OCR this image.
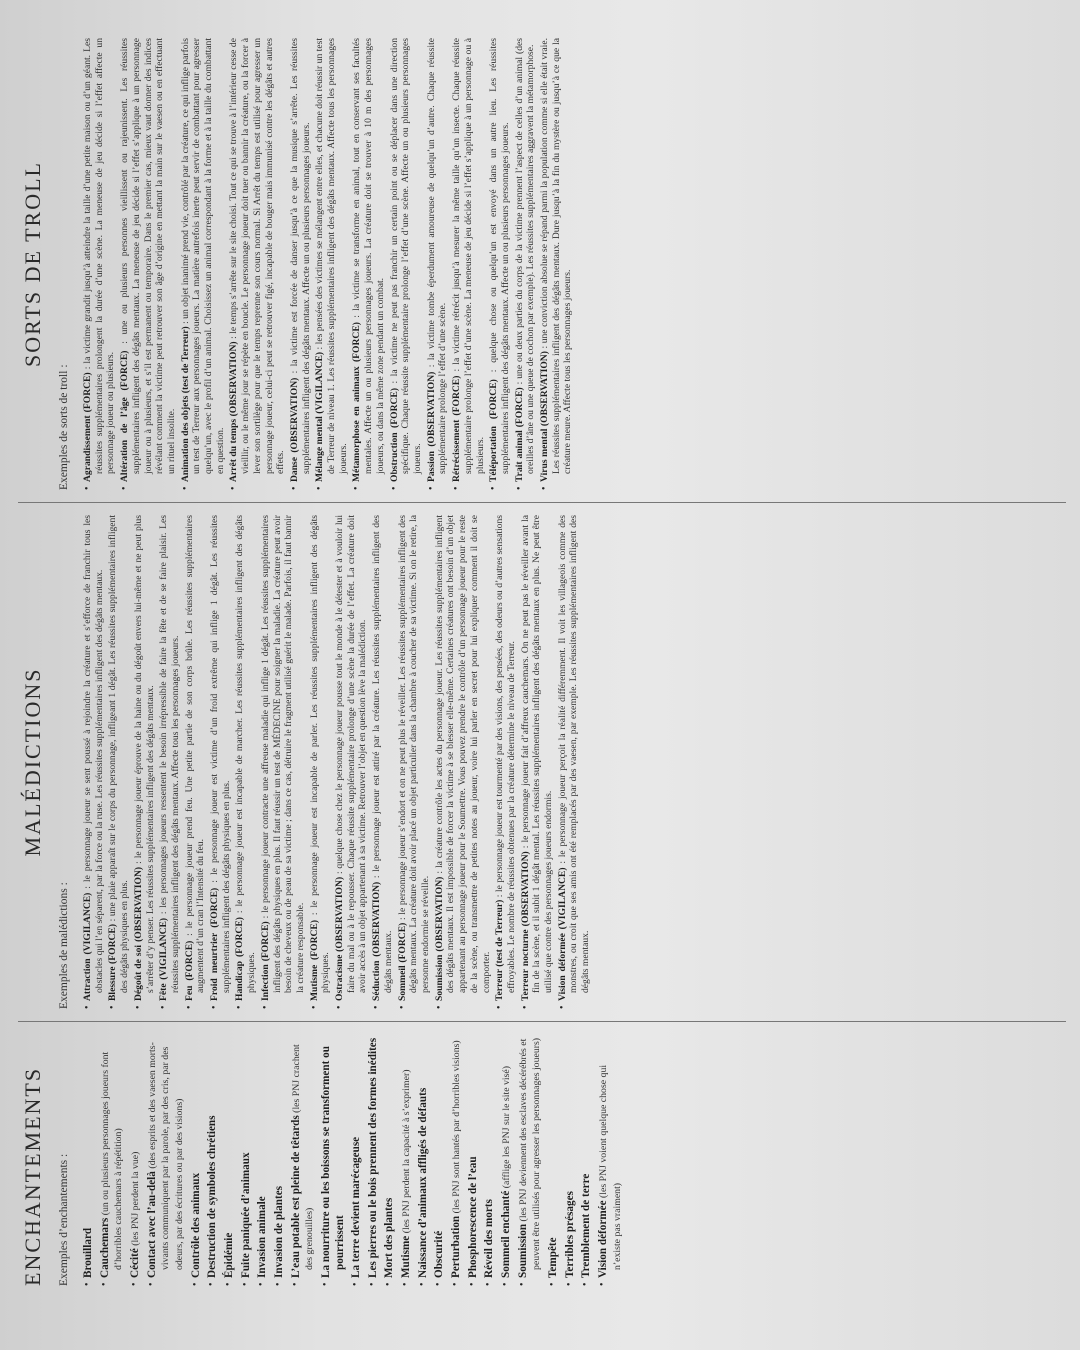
ENCHANTEMENTS Exemples d’enchantements : • Brouillard • Cauchemars (un ou plusieurs personnages joueurs font d’horribles cauchemars à répétition) • Cécité (les PNJ perdent la vue) • Contact avec l’au-delà (des esprits et des vaesen morts-vivants communiquent par la parole, par des cris, par des odeurs, par des écritures ou par des visions) • Contrôle des animaux • Destruction de symboles chrétiens • Épidémie • Fuite paniquée d’animaux • Invasion animale • Invasion de plantes • L’eau potable est pleine de têtards (les PNJ crachent des grenouilles) • La nourriture ou les boissons se transforment ou pourrissent • La terre devient marécageuse • Les pierres ou le bois prennent des formes inédites • Mort des plantes • Mutisme (les PNJ perdent la capacité à s’exprimer) • Naissance d’animaux affligés de défauts • Obscurité • Perturbation (les PNJ sont hantés par d’horribles visions)
• Phosphorescence de l’eau • Réveil des morts • Sommeil enchanté (afflige les PNJ sur le site visé)
• Soumission (les PNJ deviennent des esclaves décérébrés et peuvent être utilisés pour agresser les personnages joueurs) • Tempête • Terribles présages • Tremblement de terre • Vision déformée (les PNJ voient quelque chose qui n’existe pas vraiment)
MALÉDICTIONS

Exemples de malédictions : • Attraction (VIGILANCE) : le personnage joueur se sent poussé à rejoindre la créature et s’efforce de franchir tous les obstacles qui l’en séparent, par la force ou la ruse. Les réussites supplémentaires infligent des dégâts mentaux. • Blessure (FORCE) : une plaie apparaît sur le corps du personnage, infligeant 1 dégât. Les réussites supplémentaires infligent des dégâts physiques en plus. • Dégoût de soi (OBSERVATION) : le personnage joueur éprouve de la haine ou du dégoût envers lui-même et ne peut plus s’arrêter d’y penser. Les réussites supplémentaires infligent des dégâts mentaux. • Fête (VIGILANCE) : les personnages joueurs ressentent le besoin irrépressible de faire la fête et de se faire plaisir. Les réussites supplémentaires infligent des dégâts mentaux. Affecte tous les personnages joueurs. • Feu (FORCE) : le personnage joueur prend feu. Une petite partie de son corps brûle. Les réussites supplémentaires augmentent d’un cran l’Intensité du feu. • Froid meurtrier (FORCE) : le personnage joueur est victime d’un froid extrême qui inflige 1 dégât. Les réussites supplémentaires infligent des dégâts physiques en plus. • Handicap (FORCE) : le personnage joueur est incapable de marcher. Les réussites supplémentaires infligent des dégâts physiques. • Infection (FORCE) : le personnage joueur contracte une affreuse maladie qui inflige 1 dégât. Les réussites supplémentaires infligent des dégâts physiques en plus. Il faut réussir un test de MÉDECINE pour soigner la maladie. La créature peut avoir besoin de cheveux ou de peau de sa victime ; dans ce cas, détruire le fragment utilisé guérit le malade. Parfois, il faut bannir la créature responsable. • Mutisme (FORCE) : le personnage joueur est incapable de parler. Les réussites supplémentaires infligent des dégâts physiques. • Ostracisme (OBSERVATION) : quelque chose chez le personnage joueur pousse tout le monde à le détester et à vouloir lui faire du mal ou à le repousser. Chaque réussite supplémentaire prolonge d’une scène la durée de l’effet. La créature doit avoir accès à un objet appartenant à sa victime. Retrouver l’objet en question lève la malédiction. • Séduction (OBSERVATION) : le personnage joueur est attiré par la créature. Les réussites supplémentaires infligent des dégâts mentaux. • Sommeil (FORCE) : le personnage joueur s’endort et on ne peut plus le réveiller. Les réussites supplémentaires infligent des dégâts mentaux. La créature doit avoir placé un objet particulier dans la chambre à coucher de sa victime. Si on le retire, la personne endormie se réveille. • Soumission (OBSERVATION) : la créature contrôle les actes du personnage joueur. Les réussites supplémentaires infligent des dégâts mentaux. Il est impossible de forcer la victime à se blesser elle-même. Certaines créatures ont besoin d’un objet appartenant au personnage joueur pour le Soumettre. Vous pouvez prendre le contrôle d’un personnage joueur pour le reste de la scène, ou transmettre de petites notes au joueur, voire lui parler en secret pour lui expliquer comment il doit se comporter. • Terreur (test de Terreur) : le personnage joueur est tourmenté par des visions, des pensées, des odeurs ou d’autres sensations effroyables. Le nombre de réussites obtenues par la créature détermine le niveau de Terreur. • Terreur nocturne (OBSERVATION) : le personnage joueur fait d’affreux cauchemars. On ne peut pas le réveiller avant la fin de la scène, et il subit 1 dégât mental. Les réussites supplémentaires infligent des dégâts mentaux en plus. Ne peut être utilisé que contre des personnages joueurs endormis. • Vision déformée (VIGILANCE) : le personnage joueur perçoit la réalité différemment. Il voit les villageois comme des monstres, ou croit que ses amis ont été remplacés par des vaesen, par exemple. Les réussites supplémentaires infligent des dégâts mentaux.
SORTS DE TROLL

Exemples de sorts de troll : • Agrandissement (FORCE) : la victime grandit jusqu’à atteindre la taille d’une petite maison ou d’un géant. Les réussites supplémentaires prolongent la durée d’une scène. La meneuse de jeu décide si l’effet affecte un personnage joueur ou plusieurs. • Altération de l’âge (FORCE) : une ou plusieurs personnes vieillissent ou rajeunissent. Les réussites supplémentaires infligent des dégâts mentaux. La meneuse de jeu décide si l’effet s’applique à un personnage joueur ou à plusieurs, et s’il est permanent ou temporaire. Dans le premier cas, mieux vaut donner des indices révélant comment la victime peut retrouver son âge d’origine en mettant la main sur le vaesen ou en effectuant un rituel insolite. • Animation des objets (test de Terreur) : un objet inanimé prend vie, contrôlé par la créature, ce qui inflige parfois un test de Terreur aux personnages joueurs. La matière autrefois inerte peut servir de combattant pour agresser quelqu’un, avec le profil d’un animal. Choisissez un animal correspondant à la forme et à la taille du combattant en question. • Arrêt du temps (OBSERVATION) : le temps s’arrête sur le site choisi. Tout ce qui se trouve à l’intérieur cesse de vieillir, ou le même jour se répète en boucle. Le personnage joueur doit tuer ou bannir la créature, ou la forcer à lever son sortilège pour que le temps reprenne son cours normal. Si Arrêt du temps est utilisé pour agresser un personnage joueur, celui-ci peut se retrouver figé, incapable de bouger mais immunisé contre les dégâts et autres effets. • Danse (OBSERVATION) : la victime est forcée de danser jusqu’à ce que la musique s’arrête. Les réussites supplémentaires infligent des dégâts mentaux. Affecte un ou plusieurs personnages joueurs. • Mélange mental (VIGILANCE) : les pensées des victimes se mélangent entre elles, et chacune doit réussir un test de Terreur de niveau 1. Les réussites supplémentaires infligent des dégâts mentaux. Affecte tous les personnages joueurs. • Métamorphose en animaux (FORCE) : la victime se transforme en animal, tout en conservant ses facultés mentales. Affecte un ou plusieurs personnages joueurs. La créature doit se trouver à 10 m des personnages joueurs, ou dans la même zone pendant un combat. • Obstruction (FORCE) : la victime ne peut pas franchir un certain point ou se déplacer dans une direction spécifique. Chaque réussite supplémentaire prolonge l’effet d’une scène. Affecte un ou plusieurs personnages joueurs. • Passion (OBSERVATION) : la victime tombe éperdument amoureuse de quelqu’un d’autre. Chaque réussite supplémentaire prolonge l’effet d’une scène. • Rétrécissement (FORCE) : la victime rétrécit jusqu’à mesurer la même taille qu’un insecte. Chaque réussite supplémentaire prolonge l’effet d’une scène. La meneuse de jeu décide si l’effet s’applique à un personnage ou à plusieurs. • Téléportation (FORCE) : quelque chose ou quelqu’un est envoyé dans un autre lieu. Les réussites supplémentaires infligent des dégâts mentaux. Affecte un ou plusieurs personnages joueurs. • Trait animal (FORCE) : une ou deux parties du corps de la victime prennent l’aspect de celles d’un animal (des oreilles d’âne ou une queue de cochon par exemple). Les réussites supplémentaires aggravent la métamorphose. • Virus mental (OBSERVATION) : une conviction absolue se répand parmi la population comme si elle était vraie. Les réussites supplémentaires infligent des dégâts mentaux. Dure jusqu’à la fin du mystère ou jusqu’à ce que la créature meure. Affecte tous les personnages joueurs.
